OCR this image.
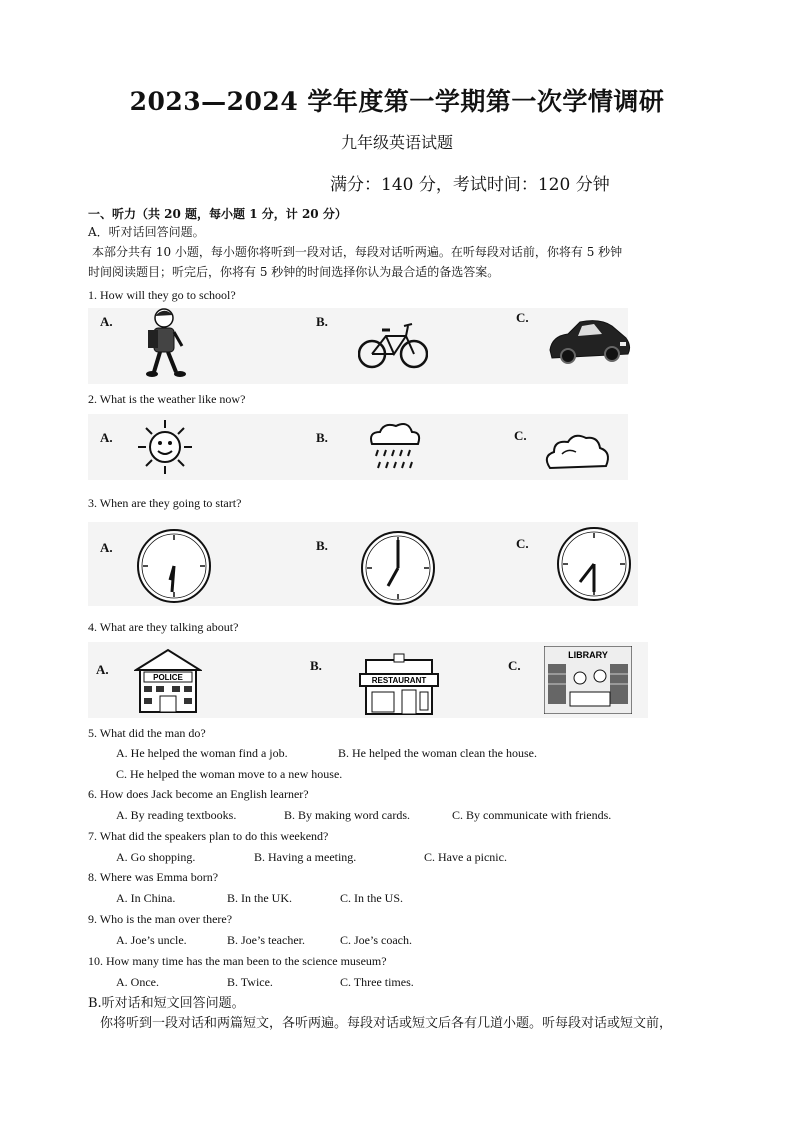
2023—2024 学年度第一学期第一次学情调研
九年级英语试题
满分：140 分，考试时间：120 分钟
一、听力（共 20 题，每小题 1 分，计 20 分）
A．听对话回答问题。
本部分共有 10 小题，每小题你将听到一段对话，每段对话听两遍。在听每段对话前，你将有 5 秒钟
时间阅读题目；听完后，你将有 5 秒钟的时间选择你认为最合适的备选答案。
1. How will they go to school?
A.	B.	C.
2. What is the weather like now?
A.	B.	C.
3. When are they going to start?
A.	B.	C.
4. What are they talking about?
A.	B.	C.
POLICE	RESTAURANT
LIBRARY
5. What did the man do?
A. He helped the woman find a job.	B. He helped the woman clean the house.
C. He helped the woman move to a new house.
6. How does Jack become an English learner?
A. By reading textbooks.	B. By making word cards.	C. By communicate with friends.
7. What did the speakers plan to do this weekend?
A. Go shopping.	B. Having a meeting.	C. Have a picnic.
8. Where was Emma born?
A. In China.	B. In the UK.	C. In the US.
9. Who is the man over there?
A. Joe’s uncle.	B. Joe’s teacher.	C. Joe’s coach.
10. How many time has the man been to the science museum?
A. Once.	B. Twice.	C. Three times.
B.听对话和短文回答问题。
你将听到一段对话和两篇短文，各听两遍。每段对话或短文后各有几道小题。听每段对话或短文前，
